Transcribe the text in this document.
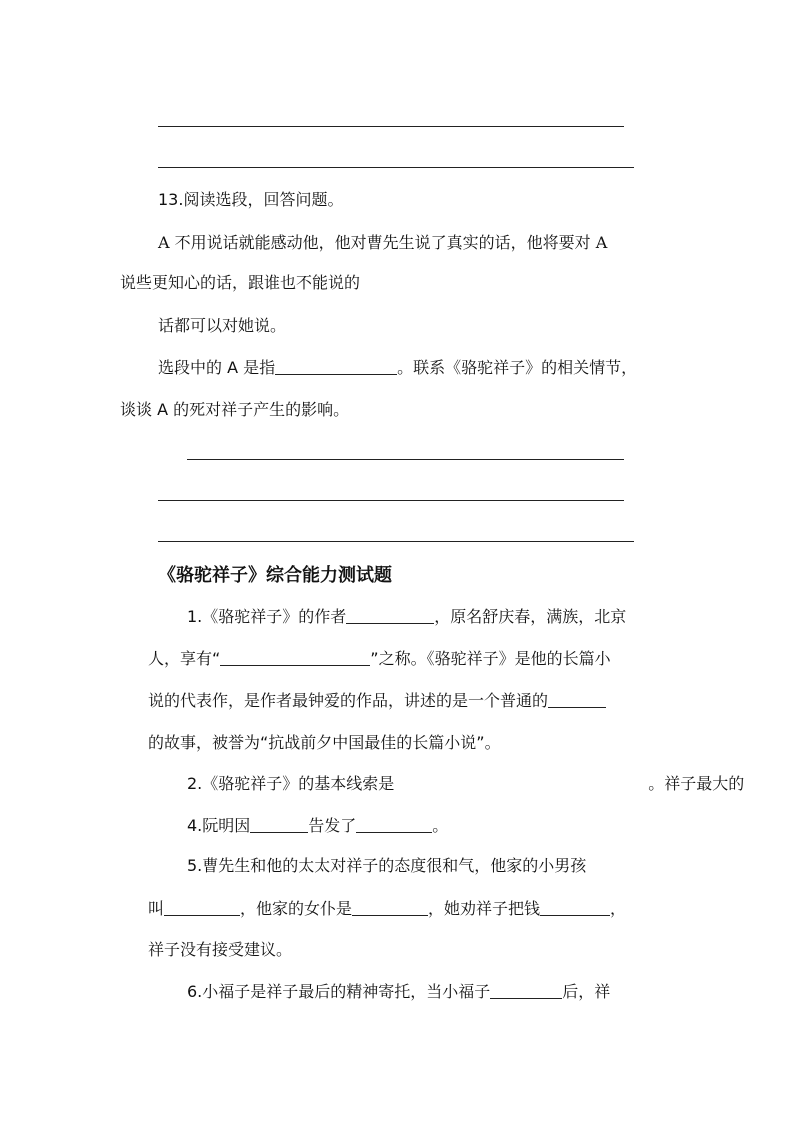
13.阅读选段，回答问题。
A 不用说话就能感动他，他对曹先生说了真实的话，他将要对 A
说些更知心的话，跟谁也不能说的
话都可以对她说。
选段中的 A 是指	。联系《骆驼祥子》的相关情节，
谈谈 A 的死对祥子产生的影响。
《骆驼祥子》综合能力测试题
1.《骆驼祥子》的作者	，原名舒庆春，满族，北京
人，享有“	”之称。《骆驼祥子》是他的长篇小
说的代表作，是作者最钟爱的作品，讲述的是一个普通的
的故事，被誉为“抗战前夕中国最佳的长篇小说”。
2.《骆驼祥子》的基本线索是	。祥子最大的
4.阮明因	告发了	。
5.曹先生和他的太太对祥子的态度很和气，他家的小男孩
叫	，他家的女仆是	，她劝祥子把钱	，
祥子没有接受建议。
6.小福子是祥子最后的精神寄托，当小福子	后，祥
